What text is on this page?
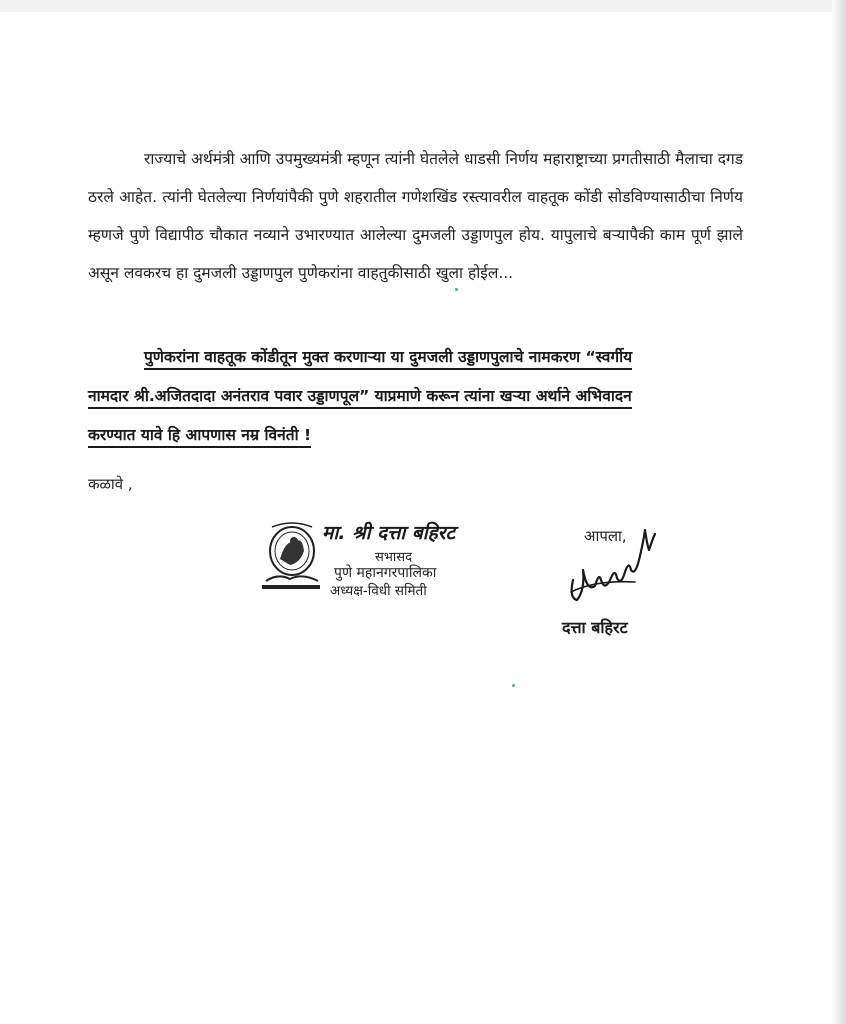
राज्याचे अर्थमंत्री आणि उपमुख्यमंत्री म्हणून त्यांनी घेतलेले धाडसी निर्णय महाराष्ट्राच्या प्रगतीसाठी मैलाचा दगड ठरले आहेत. त्यांनी घेतलेल्या निर्णयांपैकी पुणे शहरातील गणेशखिंड रस्त्यावरील वाहतूक कोंडी सोडविण्यासाठीचा निर्णय म्हणजे पुणे विद्यापीठ चौकात नव्याने उभारण्यात आलेल्या दुमजली उड्डाणपुल होय. यापुलाचे बऱ्यापैकी काम पूर्ण झाले असून लवकरच हा दुमजली उड्डाणपुल पुणेकरांना वाहतुकीसाठी खुला होईल...

पुणेकरांना वाहतूक कोंडीतून मुक्त करणाऱ्या या दुमजली उड्डाणपुलाचे नामकरण “स्वर्गीय
नामदार श्री.अजितदादा अनंतराव पवार उड्डाणपूल” याप्रमाणे करून त्यांना खऱ्या अर्थाने अभिवादन
करण्यात यावे हि आपणास नम्र विनंती !
कळावे ,
मा. श्री दत्ता बहिरट
सभासद
पुणे महानगरपालिका
अध्यक्ष-विधी समिती
आपला,
दत्ता बहिरट
